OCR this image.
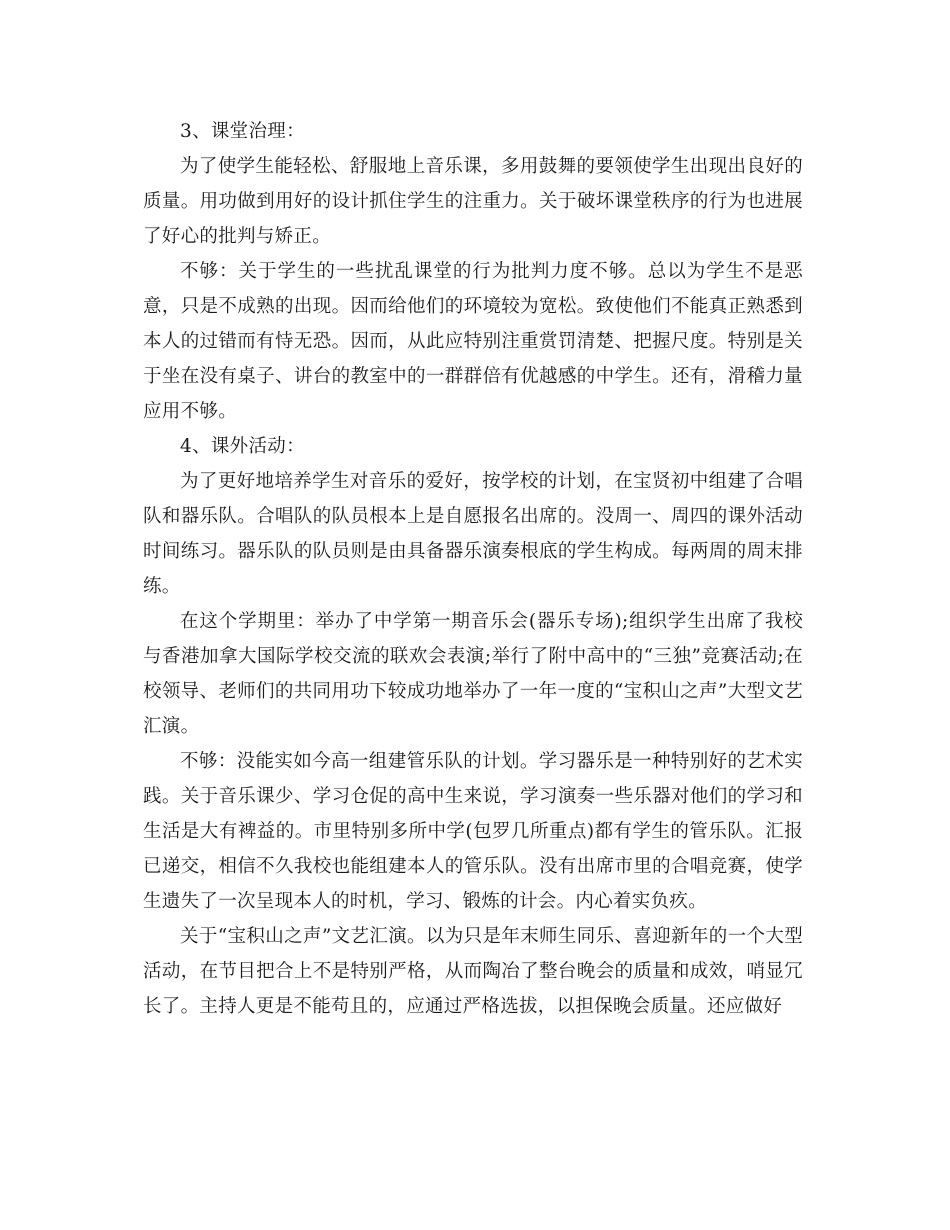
3、课堂治理：

为了使学生能轻松、舒服地上音乐课，多用鼓舞的要领使学生出现出良好的质量。用功做到用好的设计抓住学生的注重力。关于破坏课堂秩序的行为也进展了好心的批判与矫正。

不够：关于学生的一些扰乱课堂的行为批判力度不够。总以为学生不是恶意，只是不成熟的出现。因而给他们的环境较为宽松。致使他们不能真正熟悉到本人的过错而有恃无恐。因而，从此应特别注重赏罚清楚、把握尺度。特别是关于坐在没有桌子、讲台的教室中的一群群倍有优越感的中学生。还有，滑稽力量应用不够。

4、课外活动：

为了更好地培养学生对音乐的爱好，按学校的计划，在宝贤初中组建了合唱队和器乐队。合唱队的队员根本上是自愿报名出席的。没周一、周四的课外活动时间练习。器乐队的队员则是由具备器乐演奏根底的学生构成。每两周的周末排练。

在这个学期里：举办了中学第一期音乐会(器乐专场);组织学生出席了我校与香港加拿大国际学校交流的联欢会表演;举行了附中高中的“三独”竞赛活动;在校领导、老师们的共同用功下较成功地举办了一年一度的“宝积山之声”大型文艺汇演。

不够：没能实如今高一组建管乐队的计划。学习器乐是一种特别好的艺术实践。关于音乐课少、学习仓促的高中生来说，学习演奏一些乐器对他们的学习和生活是大有裨益的。市里特别多所中学(包罗几所重点)都有学生的管乐队。汇报已递交，相信不久我校也能组建本人的管乐队。没有出席市里的合唱竞赛，使学生遗失了一次呈现本人的时机，学习、锻炼的计会。内心着实负疚。

关于“宝积山之声”文艺汇演。以为只是年末师生同乐、喜迎新年的一个大型活动，在节目把合上不是特别严格，从而陶冶了整台晚会的质量和成效，哨显冗长了。主持人更是不能苟且的，应通过严格选拔，以担保晚会质量。还应做好
